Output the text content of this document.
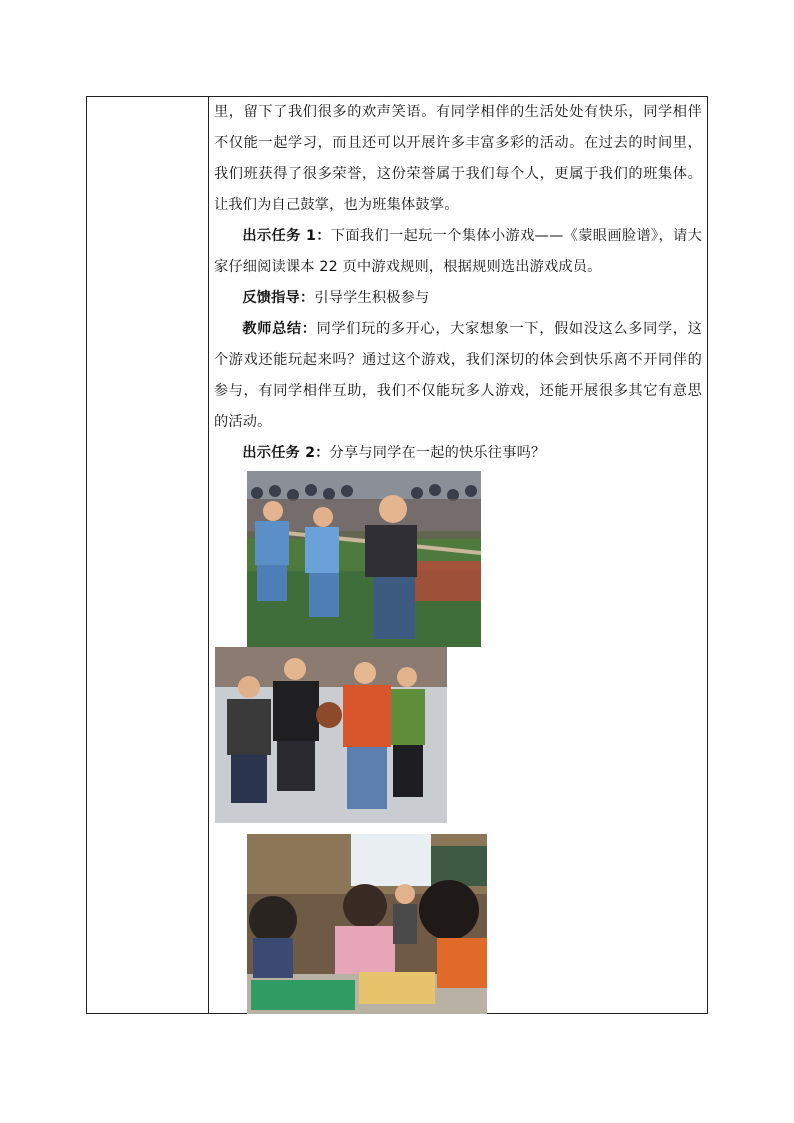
里，留下了我们很多的欢声笑语。有同学相伴的生活处处有快乐，同学相伴不仅能一起学习，而且还可以开展许多丰富多彩的活动。在过去的时间里，我们班获得了很多荣誉，这份荣誉属于我们每个人，更属于我们的班集体。让我们为自己鼓掌，也为班集体鼓掌。

出示任务 1：下面我们一起玩一个集体小游戏——《蒙眼画脸谱》，请大家仔细阅读课本 22 页中游戏规则，根据规则选出游戏成员。

反馈指导：引导学生积极参与

教师总结：同学们玩的多开心，大家想象一下，假如没这么多同学，这个游戏还能玩起来吗？通过这个游戏，我们深切的体会到快乐离不开同伴的参与，有同学相伴互助，我们不仅能玩多人游戏，还能开展很多其它有意思的活动。

出示任务 2：分享与同学在一起的快乐往事吗？
